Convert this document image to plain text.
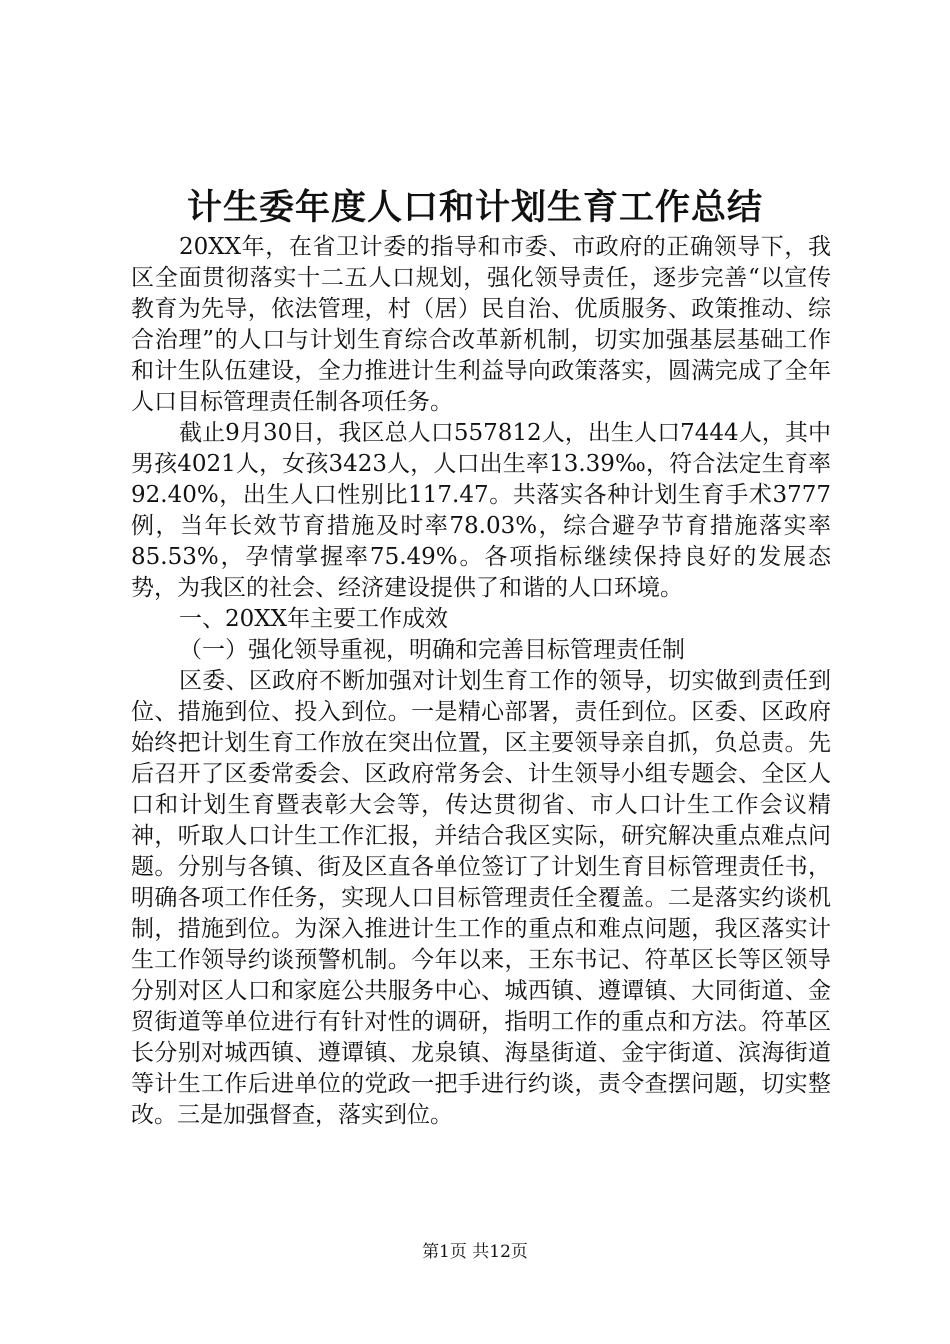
计生委年度人口和计划生育工作总结

20XX年，在省卫计委的指导和市委、市政府的正确领导下，我区全面贯彻落实十二五人口规划，强化领导责任，逐步完善“以宣传教育为先导，依法管理，村（居）民自治、优质服务、政策推动、综合治理”的人口与计划生育综合改革新机制，切实加强基层基础工作和计生队伍建设，全力推进计生利益导向政策落实，圆满完成了全年人口目标管理责任制各项任务。

截止9月30日，我区总人口557812人，出生人口7444人，其中男孩4021人，女孩3423人，人口出生率13.39‰，符合法定生育率92.40%，出生人口性别比117.47。共落实各种计划生育手术3777例，当年长效节育措施及时率78.03%，综合避孕节育措施落实率85.53%，孕情掌握率75.49%。各项指标继续保持良好的发展态势，为我区的社会、经济建设提供了和谐的人口环境。

一、20XX年主要工作成效

（一）强化领导重视，明确和完善目标管理责任制

区委、区政府不断加强对计划生育工作的领导，切实做到责任到位、措施到位、投入到位。一是精心部署，责任到位。区委、区政府始终把计划生育工作放在突出位置，区主要领导亲自抓，负总责。先后召开了区委常委会、区政府常务会、计生领导小组专题会、全区人口和计划生育暨表彰大会等，传达贯彻省、市人口计生工作会议精神，听取人口计生工作汇报，并结合我区实际，研究解决重点难点问题。分别与各镇、街及区直各单位签订了计划生育目标管理责任书，明确各项工作任务，实现人口目标管理责任全覆盖。二是落实约谈机制，措施到位。为深入推进计生工作的重点和难点问题，我区落实计生工作领导约谈预警机制。今年以来，王东书记、符革区长等区领导分别对区人口和家庭公共服务中心、城西镇、遵谭镇、大同街道、金贸街道等单位进行有针对性的调研，指明工作的重点和方法。符革区长分别对城西镇、遵谭镇、龙泉镇、海垦街道、金宇街道、滨海街道等计生工作后进单位的党政一把手进行约谈，责令查摆问题，切实整改。三是加强督查，落实到位。

第1页 共12页
